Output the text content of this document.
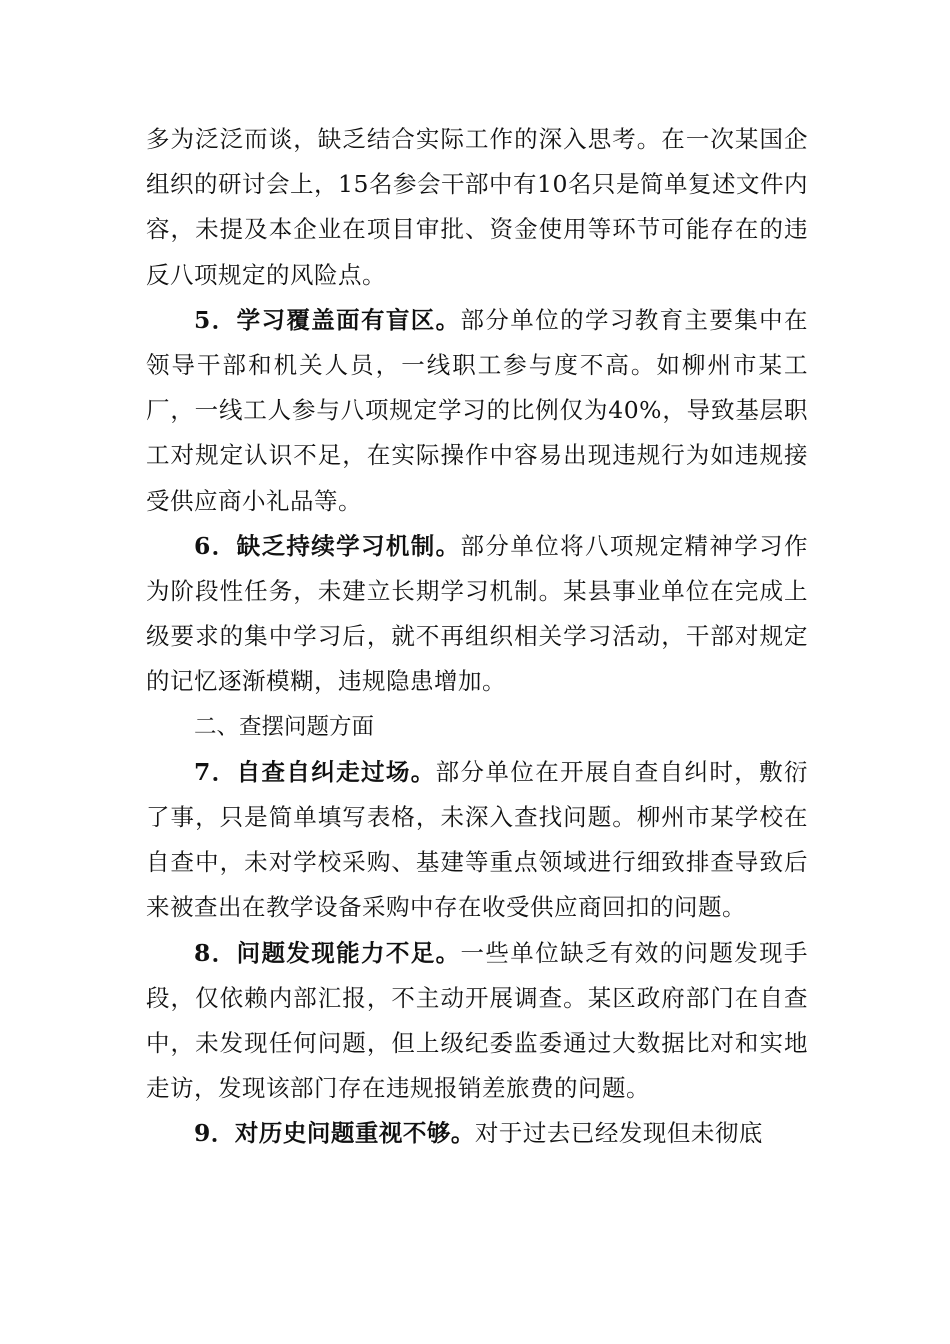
多为泛泛而谈，缺乏结合实际工作的深入思考。在一次某国企组织的研讨会上，15名参会干部中有10名只是简单复述文件内容，未提及本企业在项目审批、资金使用等环节可能存在的违反八项规定的风险点。

5．学习覆盖面有盲区。部分单位的学习教育主要集中在领导干部和机关人员，一线职工参与度不高。如柳州市某工厂，一线工人参与八项规定学习的比例仅为40%，导致基层职工对规定认识不足，在实际操作中容易出现违规行为如违规接受供应商小礼品等。

6．缺乏持续学习机制。部分单位将八项规定精神学习作为阶段性任务，未建立长期学习机制。某县事业单位在完成上级要求的集中学习后，就不再组织相关学习活动，干部对规定的记忆逐渐模糊，违规隐患增加。

二、查摆问题方面

7．自查自纠走过场。部分单位在开展自查自纠时，敷衍了事，只是简单填写表格，未深入查找问题。柳州市某学校在自查中，未对学校采购、基建等重点领域进行细致排查导致后来被查出在教学设备采购中存在收受供应商回扣的问题。

8．问题发现能力不足。一些单位缺乏有效的问题发现手段，仅依赖内部汇报，不主动开展调查。某区政府部门在自查中，未发现任何问题，但上级纪委监委通过大数据比对和实地走访，发现该部门存在违规报销差旅费的问题。

9．对历史问题重视不够。对于过去已经发现但未彻底
